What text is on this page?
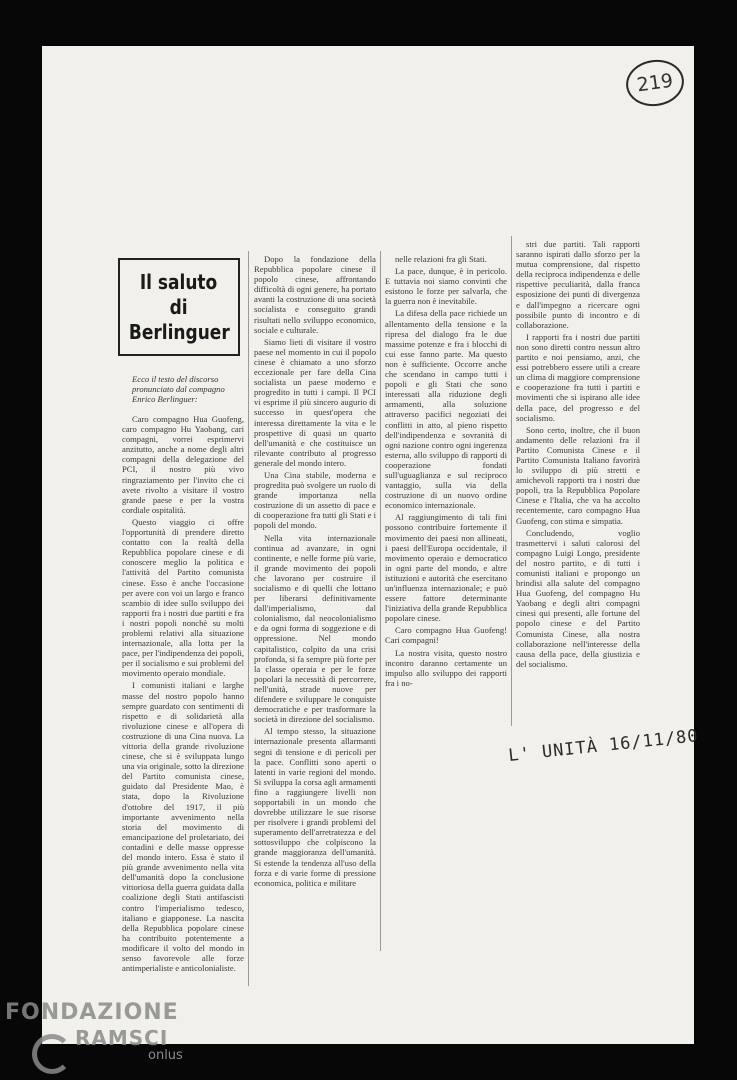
219
Il saluto
di
Berlinguer

Ecco il testo del discorso pronunciato dal compagno Enrico Berlinguer:

Caro compagno Hua Guofeng, caro compagno Hu Yaobang, cari compagni, vorrei esprimervi anzitutto, anche a nome degli altri compagni della delegazione del PCI, il nostro più vivo ringraziamento per l'invito che ci avete rivolto a visitare il vostro grande paese e per la vostra cordiale ospitalità.

Questo viaggio ci offre l'opportunità di prendere diretto contatto con la realtà della Repubblica popolare cinese e di conoscere meglio la politica e l'attività del Partito comunista cinese. Esso è anche l'occasione per avere con voi un largo e franco scambio di idee sullo sviluppo dei rapporti fra i nostri due partiti e fra i nostri popoli nonchè su molti problemi relativi alla situazione internazionale, alla lotta per la pace, per l'indipendenza dei popoli, per il socialismo e sui problemi del movimento operaio mondiale.

I comunisti italiani e larghe masse del nostro popolo hanno sempre guardato con sentimenti di rispetto e di solidarietà alla rivoluzione cinese e all'opera di costruzione di una Cina nuova. La vittoria della grande rivoluzione cinese, che si è sviluppata lungo una via originale, sotto la direzione del Partito comunista cinese, guidato dal Presidente Mao, è stata, dopo la Rivoluzione d'ottobre del 1917, il più importante avvenimento nella storia del movimento di emancipazione del proletariato, dei contadini e delle masse oppresse del mondo intero. Essa è stato il più grande avvenimento nella vita dell'umanità dopo la conclusione vittoriosa della guerra guidata dalla coalizione degli Stati antifascisti contro l'imperialismo tedesco, italiano e giapponese. La nascita della Repubblica popolare cinese ha contribuito potentemente a modificare il volto del mondo in senso favorevole alle forze antimperialiste e anticolonialiste.

Dopo la fondazione della Repubblica popolare cinese il popolo cinese, affrontando difficoltà di ogni genere, ha portato avanti la costruzione di una società socialista e conseguito grandi risultati nello sviluppo economico, sociale e culturale.

Siamo lieti di visitare il vostro paese nel momento in cui il popolo cinese è chiamato a uno sforzo eccezionale per fare della Cina socialista un paese moderno e progredito in tutti i campi. Il PCI vi esprime il più sincero augurio di successo in quest'opera che interessa direttamente la vita e le prospettive di quasi un quarto dell'umanità e che costituisce un rilevante contributo al progresso generale del mondo intero.

Una Cina stabile, moderna e progredita può svolgere un ruolo di grande importanza nella costruzione di un assetto di pace e di cooperazione fra tutti gli Stati e i popoli del mondo.

Nella vita internazionale continua ad avanzare, in ogni continente, e nelle forme più varie, il grande movimento dei popoli che lavorano per costruire il socialismo e di quelli che lottano per liberarsi definitivamente dall'imperialismo, dal colonialismo, dal neocolonialismo e da ogni forma di soggezione e di oppressione. Nel mondo capitalistico, colpito da una crisi profonda, si fa sempre più forte per la classe operaia e per le forze popolari la necessità di percorrere, nell'unità, strade nuove per difendere e sviluppare le conquiste democratiche e per trasformare la società in direzione del socialismo.

Al tempo stesso, la situazione internazionale presenta allarmanti segni di tensione e di pericoli per la pace. Conflitti sono aperti o latenti in varie regioni del mondo. Si sviluppa la corsa agli armamenti fino a raggiungere livelli non sopportabili in un mondo che dovrebbe utilizzare le sue risorse per risolvere i grandi problemi del superamento dell'arretratezza e del sottosviluppo che colpiscono la grande maggioranza dell'umanità. Si estende la tendenza all'uso della forza e di varie forme di pressione economica, politica e militare

nelle relazioni fra gli Stati.

La pace, dunque, è in pericolo. E tuttavia noi siamo convinti che esistono le forze per salvarla, che la guerra non è inevitabile.

La difesa della pace richiede un allentamento della tensione e la ripresa del dialogo fra le due massime potenze e fra i blocchi di cui esse fanno parte. Ma questo non è sufficiente. Occorre anche che scendano in campo tutti i popoli e gli Stati che sono interessati alla riduzione degli armamenti, alla soluzione attraverso pacifici negoziati dei conflitti in atto, al pieno rispetto dell'indipendenza e sovranità di ogni nazione contro ogni ingerenza esterna, allo sviluppo di rapporti di cooperazione fondati sull'uguaglianza e sul reciproco vantaggio, sulla via della costruzione di un nuovo ordine economico internazionale.

Al raggiungimento di tali fini possono contribuire fortemente il movimento dei paesi non allineati, i paesi dell'Europa occidentale, il movimento operaio e democratico in ogni parte del mondo, e altre istituzioni e autorità che esercitano un'influenza internazionale; e può essere fattore determinante l'iniziativa della grande Repubblica popolare cinese.

Caro compagno Hua Guofeng! Cari compagni!

La nostra visita, questo nostro incontro daranno certamente un impulso allo sviluppo dei rapporti fra i no-

stri due partiti. Tali rapporti saranno ispirati dallo sforzo per la mutua comprensione, dal rispetto della reciproca indipendenza e delle rispettive peculiarità, dalla franca esposizione dei punti di divergenza e dall'impegno a ricercare ogni possibile punto di incontro e di collaborazione.

I rapporti fra i nostri due partiti non sono diretti contro nessun altro partito e noi pensiamo, anzi, che essi potrebbero essere utili a creare un clima di maggiore comprensione e cooperazione fra tutti i partiti e movimenti che si ispirano alle idee della pace, del progresso e del socialismo.

Sono certo, inoltre, che il buon andamento delle relazioni fra il Partito Comunista Cinese e il Partito Comunista Italiano favorirà lo sviluppo di più stretti e amichevoli rapporti tra i nostri due popoli, tra la Repubblica Popolare Cinese e l'Italia, che va ha accolto recentemente, caro compagno Hua Guofeng, con stima e simpatia.

Concludendo, voglio trasmettervi i saluti calorosi del compagno Luigi Longo, presidente del nostro partito, e di tutti i comunisti italiani e propongo un brindisi alla salute del compagno Hua Guofeng, del compagno Hu Yaobang e degli altri compagni cinesi qui presenti, alle fortune del popolo cinese e del Partito Comunista Cinese, alla nostra collaborazione nell'interesse della causa della pace, della giustizia e del socialismo.

L' UNITÀ 16/11/80
FONDAZIONE
RAMSCI
onlus
